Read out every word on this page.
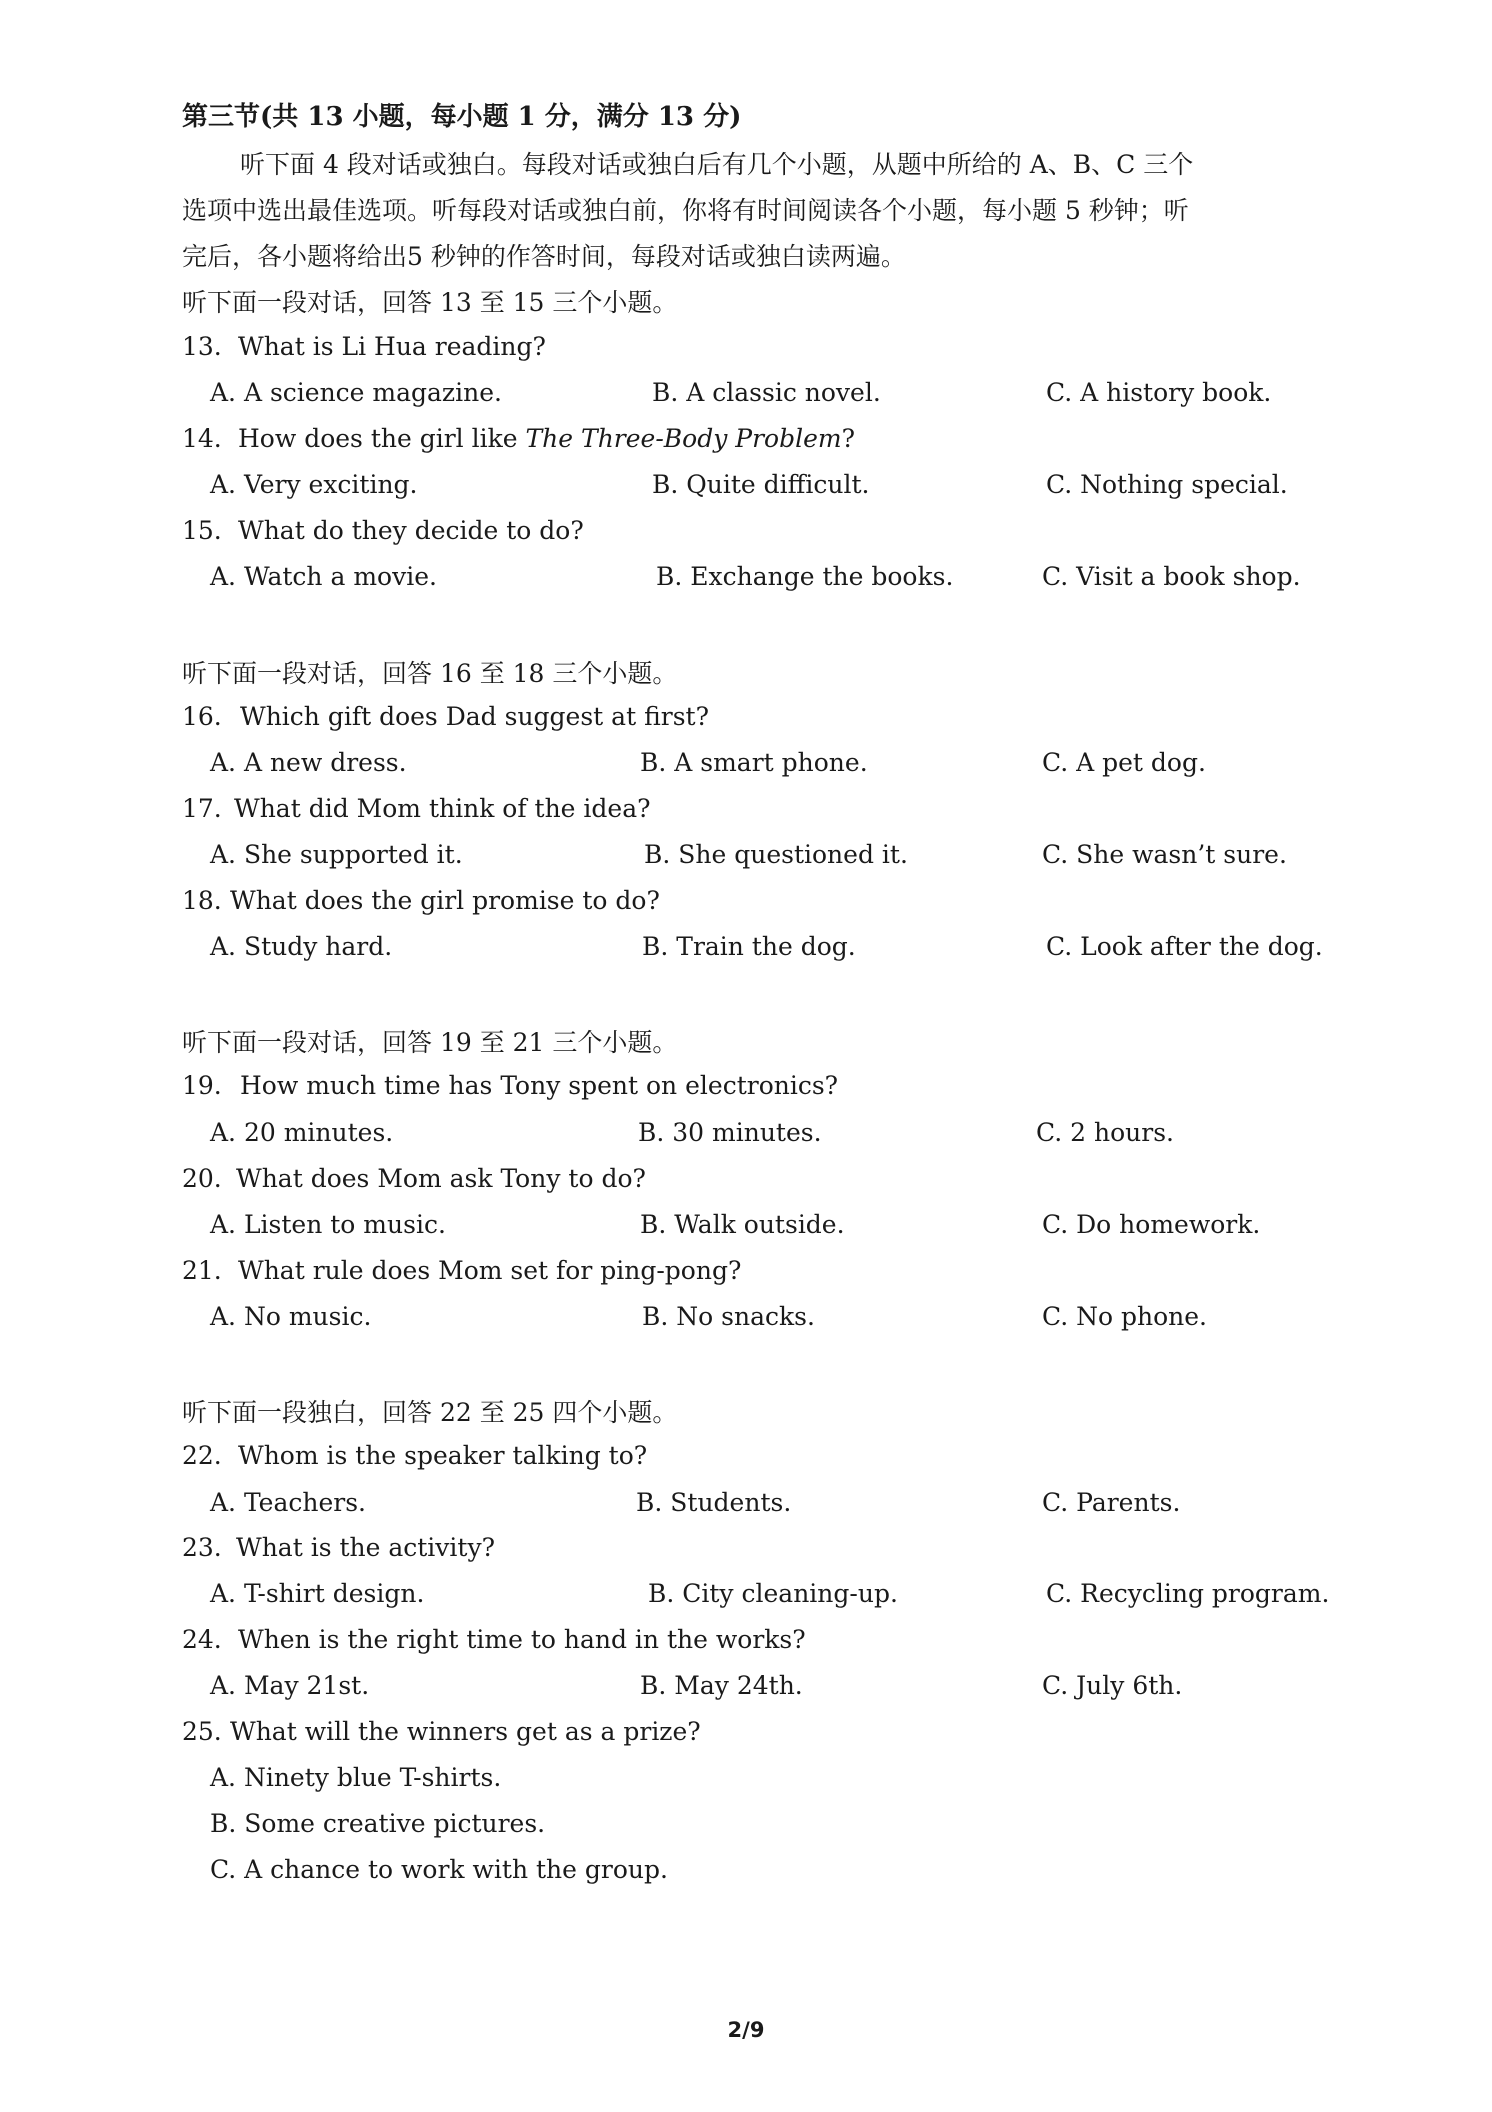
第三节(共 13 小题，每小题 1 分，满分 13 分)
听下面 4 段对话或独白。每段对话或独白后有几个小题，从题中所给的 A、B、C 三个
选项中选出最佳选项。听每段对话或独白前，你将有时间阅读各个小题，每小题 5 秒钟；听
完后，各小题将给出5 秒钟的作答时间，每段对话或独白读两遍。
听下面一段对话，回答 13 至 15 三个小题。
13. What is Li Hua reading?
A. A science magazine.	B. A classic novel.	C. A history book.
14. How does the girl like The Three-Body Problem?
A. Very exciting.	B. Quite difficult.	C. Nothing special.
15. What do they decide to do?
A. Watch a movie.	B. Exchange the books.	C. Visit a book shop.
听下面一段对话，回答 16 至 18 三个小题。
16. Which gift does Dad suggest at first?
A. A new dress.	B. A smart phone.	C. A pet dog.
17. What did Mom think of the idea?
A. She supported it.	B. She questioned it.	C. She wasn’t sure.
18. What does the girl promise to do?
A. Study hard.	B. Train the dog.	C. Look after the dog.
听下面一段对话，回答 19 至 21 三个小题。
19. How much time has Tony spent on electronics?
A. 20 minutes.	B. 30 minutes.	C. 2 hours.
20. What does Mom ask Tony to do?
A. Listen to music.	B. Walk outside.	C. Do homework.
21. What rule does Mom set for ping-pong?
A. No music.	B. No snacks.	C. No phone.
听下面一段独白，回答 22 至 25 四个小题。
22. Whom is the speaker talking to?
A. Teachers.	B. Students.	C. Parents.
23. What is the activity?
A. T-shirt design.	B. City cleaning-up.	C. Recycling program.
24. When is the right time to hand in the works?
A. May 21st.	B. May 24th.	C. July 6th.
25. What will the winners get as a prize?
A. Ninety blue T-shirts.
B. Some creative pictures.
C. A chance to work with the group.
2/9
